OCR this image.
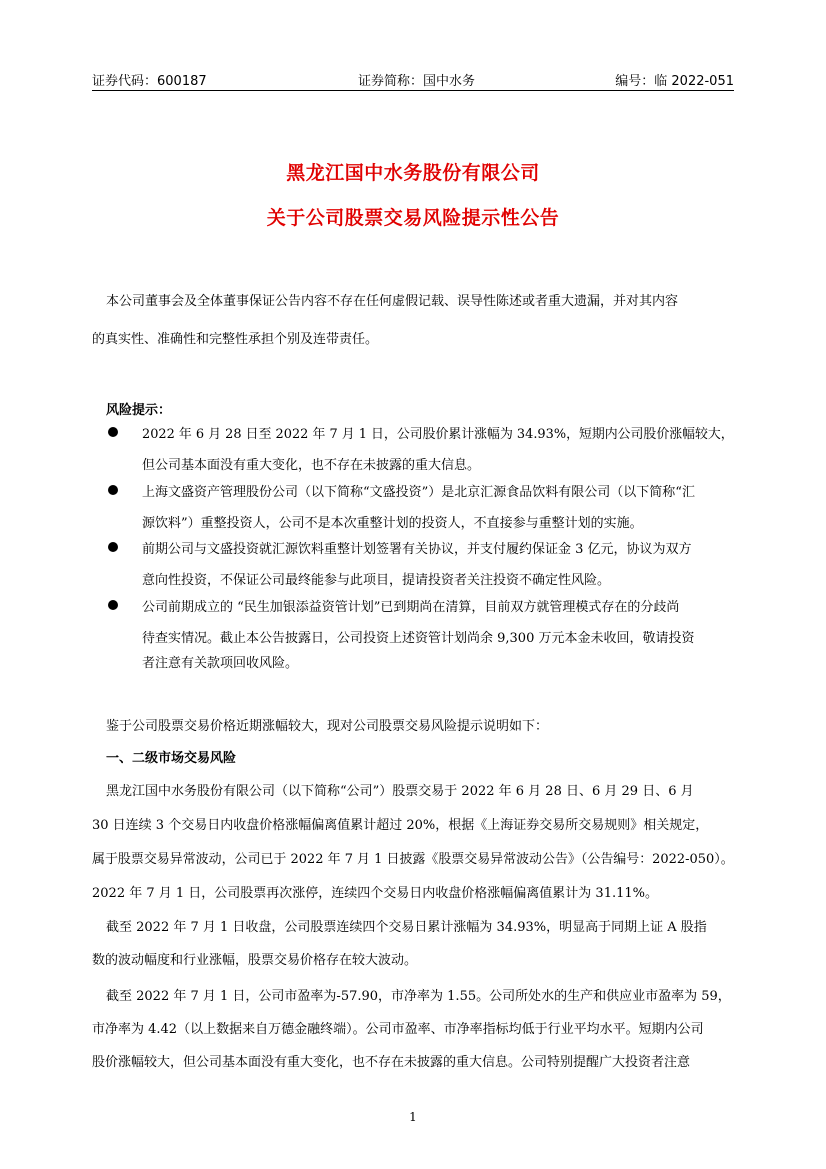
证券代码：600187	证券简称：国中水务	编号：临 2022-051
黑龙江国中水务股份有限公司
关于公司股票交易风险提示性公告
本公司董事会及全体董事保证公告内容不存在任何虚假记载、误导性陈述或者重大遗漏，并对其内容
的真实性、准确性和完整性承担个别及连带责任。
风险提示：
2022 年 6 月 28 日至 2022 年 7 月 1 日，公司股价累计涨幅为 34.93%，短期内公司股价涨幅较大，
但公司基本面没有重大变化，也不存在未披露的重大信息。
上海文盛资产管理股份公司（以下简称“文盛投资”）是北京汇源食品饮料有限公司（以下简称“汇
源饮料”）重整投资人，公司不是本次重整计划的投资人，不直接参与重整计划的实施。
前期公司与文盛投资就汇源饮料重整计划签署有关协议，并支付履约保证金 3 亿元，协议为双方
意向性投资，不保证公司最终能参与此项目，提请投资者关注投资不确定性风险。
公司前期成立的 “民生加银添益资管计划”已到期尚在清算，目前双方就管理模式存在的分歧尚
待查实情况。截止本公告披露日，公司投资上述资管计划尚余 9,300 万元本金未收回，敬请投资
者注意有关款项回收风险。
鉴于公司股票交易价格近期涨幅较大，现对公司股票交易风险提示说明如下：
一、二级市场交易风险
黑龙江国中水务股份有限公司（以下简称“公司”）股票交易于 2022 年 6 月 28 日、6 月 29 日、6 月
30 日连续 3 个交易日内收盘价格涨幅偏离值累计超过 20%，根据《上海证券交易所交易规则》相关规定，
属于股票交易异常波动，公司已于 2022 年 7 月 1 日披露《股票交易异常波动公告》（公告编号：2022-050）。
2022 年 7 月 1 日，公司股票再次涨停，连续四个交易日内收盘价格涨幅偏离值累计为 31.11%。
截至 2022 年 7 月 1 日收盘，公司股票连续四个交易日累计涨幅为 34.93%，明显高于同期上证 A 股指
数的波动幅度和行业涨幅，股票交易价格存在较大波动。
截至 2022 年 7 月 1 日，公司市盈率为-57.90，市净率为 1.55。公司所处水的生产和供应业市盈率为 59，
市净率为 4.42（以上数据来自万德金融终端）。公司市盈率、市净率指标均低于行业平均水平。短期内公司
股价涨幅较大，但公司基本面没有重大变化，也不存在未披露的重大信息。公司特别提醒广大投资者注意
1
